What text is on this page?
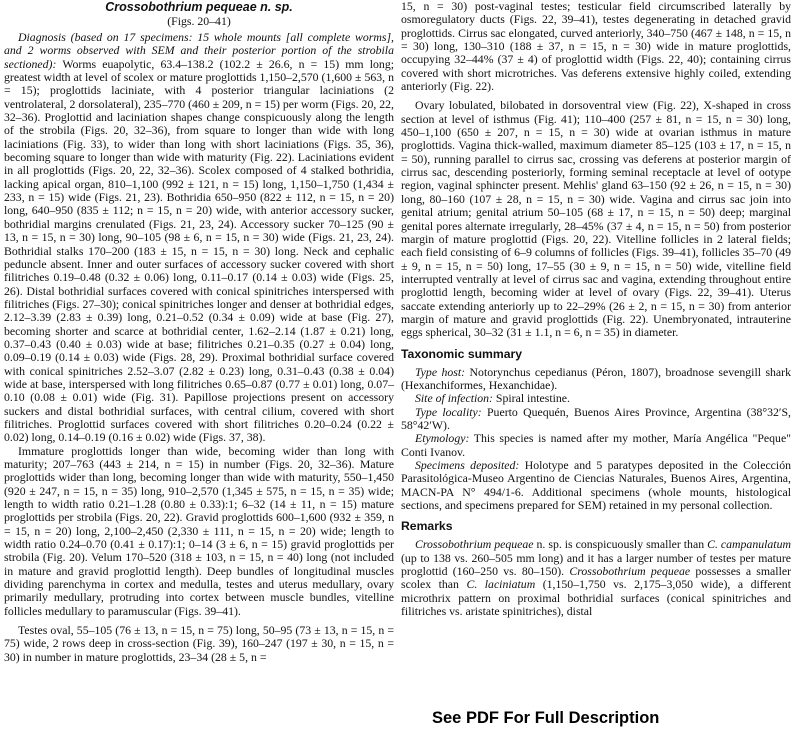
Crossobothrium pequeae n. sp.
(Figs. 20–41)

Diagnosis (based on 17 specimens: 15 whole mounts [all complete worms], and 2 worms observed with SEM and their posterior portion of the strobila sectioned): Worms euapolytic, 63.4–138.2 (102.2 ± 26.6, n = 15) mm long; greatest width at level of scolex or mature proglottids 1,150–2,570 (1,600 ± 563, n = 15); proglottids laciniate, with 4 posterior triangular laciniations (2 ventrolateral, 2 dorsolateral), 235–770 (460 ± 209, n = 15) per worm (Figs. 20, 22, 32–36). Proglottid and laciniation shapes change conspicuously along the length of the strobila (Figs. 20, 32–36), from square to longer than wide with long laciniations (Fig. 33), to wider than long with short laciniations (Figs. 35, 36), becoming square to longer than wide with maturity (Fig. 22). Laciniations evident in all proglottids (Figs. 20, 22, 32–36). Scolex composed of 4 stalked bothridia, lacking apical organ, 810–1,100 (992 ± 121, n = 15) long, 1,150–1,750 (1,434 ± 233, n = 15) wide (Figs. 21, 23). Bothridia 650–950 (822 ± 112, n = 15, n = 20) long, 640–950 (835 ± 112; n = 15, n = 20) wide, with anterior accessory sucker, bothridial margins crenulated (Figs. 21, 23, 24). Accessory sucker 70–125 (90 ± 13, n = 15, n = 30) long, 90–105 (98 ± 6, n = 15, n = 30) wide (Figs. 21, 23, 24). Bothridial stalks 170–200 (183 ± 15, n = 15, n = 30) long. Neck and cephalic peduncle absent. Inner and outer surfaces of accessory sucker covered with short filitriches 0.19–0.48 (0.32 ± 0.06) long, 0.11–0.17 (0.14 ± 0.03) wide (Figs. 25, 26). Distal bothridial surfaces covered with conical spinitriches interspersed with filitriches (Figs. 27–30); conical spinitriches longer and denser at bothridial edges, 2.12–3.39 (2.83 ± 0.39) long, 0.21–0.52 (0.34 ± 0.09) wide at base (Fig. 27), becoming shorter and scarce at bothridial center, 1.62–2.14 (1.87 ± 0.21) long, 0.37–0.43 (0.40 ± 0.03) wide at base; filitriches 0.21–0.35 (0.27 ± 0.04) long, 0.09–0.19 (0.14 ± 0.03) wide (Figs. 28, 29). Proximal bothridial surface covered with conical spinitriches 2.52–3.07 (2.82 ± 0.23) long, 0.31–0.43 (0.38 ± 0.04) wide at base, interspersed with long filitriches 0.65–0.87 (0.77 ± 0.01) long, 0.07–0.10 (0.08 ± 0.01) wide (Fig. 31). Papillose projections present on accessory suckers and distal bothridial surfaces, with central cilium, covered with short filitriches. Proglottid surfaces covered with short filitriches 0.20–0.24 (0.22 ± 0.02) long, 0.14–0.19 (0.16 ± 0.02) wide (Figs. 37, 38).

Immature proglottids longer than wide, becoming wider than long with maturity; 207–763 (443 ± 214, n = 15) in number (Figs. 20, 32–36). Mature proglottids wider than long, becoming longer than wide with maturity, 550–1,450 (920 ± 247, n = 15, n = 35) long, 910–2,570 (1,345 ± 575, n = 15, n = 35) wide; length to width ratio 0.21–1.28 (0.80 ± 0.33):1; 6–32 (14 ± 11, n = 15) mature proglottids per strobila (Figs. 20, 22). Gravid proglottids 600–1,600 (932 ± 359, n = 15, n = 20) long, 2,100–2,450 (2,330 ± 111, n = 15, n = 20) wide; length to width ratio 0.24–0.70 (0.41 ± 0.17):1; 0–14 (3 ± 6, n = 15) gravid proglottids per strobila (Fig. 20). Velum 170–520 (318 ± 103, n = 15, n = 40) long (not included in mature and gravid proglottid length). Deep bundles of longitudinal muscles dividing parenchyma in cortex and medulla, testes and uterus medullary, ovary primarily medullary, protruding into cortex between muscle bundles, vitelline follicles medullary to paramuscular (Figs. 39–41).

Testes oval, 55–105 (76 ± 13, n = 15, n = 75) long, 50–95 (73 ± 13, n = 15, n = 75) wide, 2 rows deep in cross-section (Fig. 39), 160–247 (197 ± 30, n = 15, n = 30) in number in mature proglottids, 23–34 (28 ± 5, n =

15, n = 30) post-vaginal testes; testicular field circumscribed laterally by osmoregulatory ducts (Figs. 22, 39–41), testes degenerating in detached gravid proglottids. Cirrus sac elongated, curved anteriorly, 340–750 (467 ± 148, n = 15, n = 30) long, 130–310 (188 ± 37, n = 15, n = 30) wide in mature proglottids, occupying 32–44% (37 ± 4) of proglottid width (Figs. 22, 40); containing cirrus covered with short microtriches. Vas deferens extensive highly coiled, extending anteriorly (Fig. 22).

Ovary lobulated, bilobated in dorsoventral view (Fig. 22), X-shaped in cross section at level of isthmus (Fig. 41); 110–400 (257 ± 81, n = 15, n = 30) long, 450–1,100 (650 ± 207, n = 15, n = 30) wide at ovarian isthmus in mature proglottids. Vagina thick-walled, maximum diameter 85–125 (103 ± 17, n = 15, n = 50), running parallel to cirrus sac, crossing vas deferens at posterior margin of cirrus sac, descending posteriorly, forming seminal receptacle at level of ootype region, vaginal sphincter present. Mehlis' gland 63–150 (92 ± 26, n = 15, n = 30) long, 80–160 (107 ± 28, n = 15, n = 30) wide. Vagina and cirrus sac join into genital atrium; genital atrium 50–105 (68 ± 17, n = 15, n = 50) deep; marginal genital pores alternate irregularly, 28–45% (37 ± 4, n = 15, n = 50) from posterior margin of mature proglottid (Figs. 20, 22). Vitelline follicles in 2 lateral fields; each field consisting of 6–9 columns of follicles (Figs. 39–41), follicles 35–70 (49 ± 9, n = 15, n = 50) long, 17–55 (30 ± 9, n = 15, n = 50) wide, vitelline field interrupted ventrally at level of cirrus sac and vagina, extending throughout entire proglottid length, becoming wider at level of ovary (Figs. 22, 39–41). Uterus saccate extending anteriorly up to 22–29% (26 ± 2, n = 15, n = 30) from anterior margin of mature and gravid proglottids (Fig. 22). Unembryonated, intrauterine eggs spherical, 30–32 (31 ± 1.1, n = 6, n = 35) in diameter.

Taxonomic summary

Type host: Notorynchus cepedianus (Péron, 1807), broadnose sevengill shark (Hexanchiformes, Hexanchidae).

Site of infection: Spiral intestine.

Type locality: Puerto Quequén, Buenos Aires Province, Argentina (38°32′S, 58°42′W).

Etymology: This species is named after my mother, María Angélica "Peque" Conti Ivanov.

Specimens deposited: Holotype and 5 paratypes deposited in the Colección Parasitológica-Museo Argentino de Ciencias Naturales, Buenos Aires, Argentina, MACN-PA N° 494/1-6. Additional specimens (whole mounts, histological sections, and specimens prepared for SEM) retained in my personal collection.

Remarks

Crossobothrium pequeae n. sp. is conspicuously smaller than C. campanulatum (up to 138 vs. 260–505 mm long) and it has a larger number of testes per mature proglottid (160–250 vs. 80–150). Crossobothrium pequeae possesses a smaller scolex than C. laciniatum (1,150–1,750 vs. 2,175–3,050 wide), a different microthrix pattern on proximal bothridial surfaces (conical spinitriches and filitriches vs. aristate spinitriches), distal

See PDF For Full Description
